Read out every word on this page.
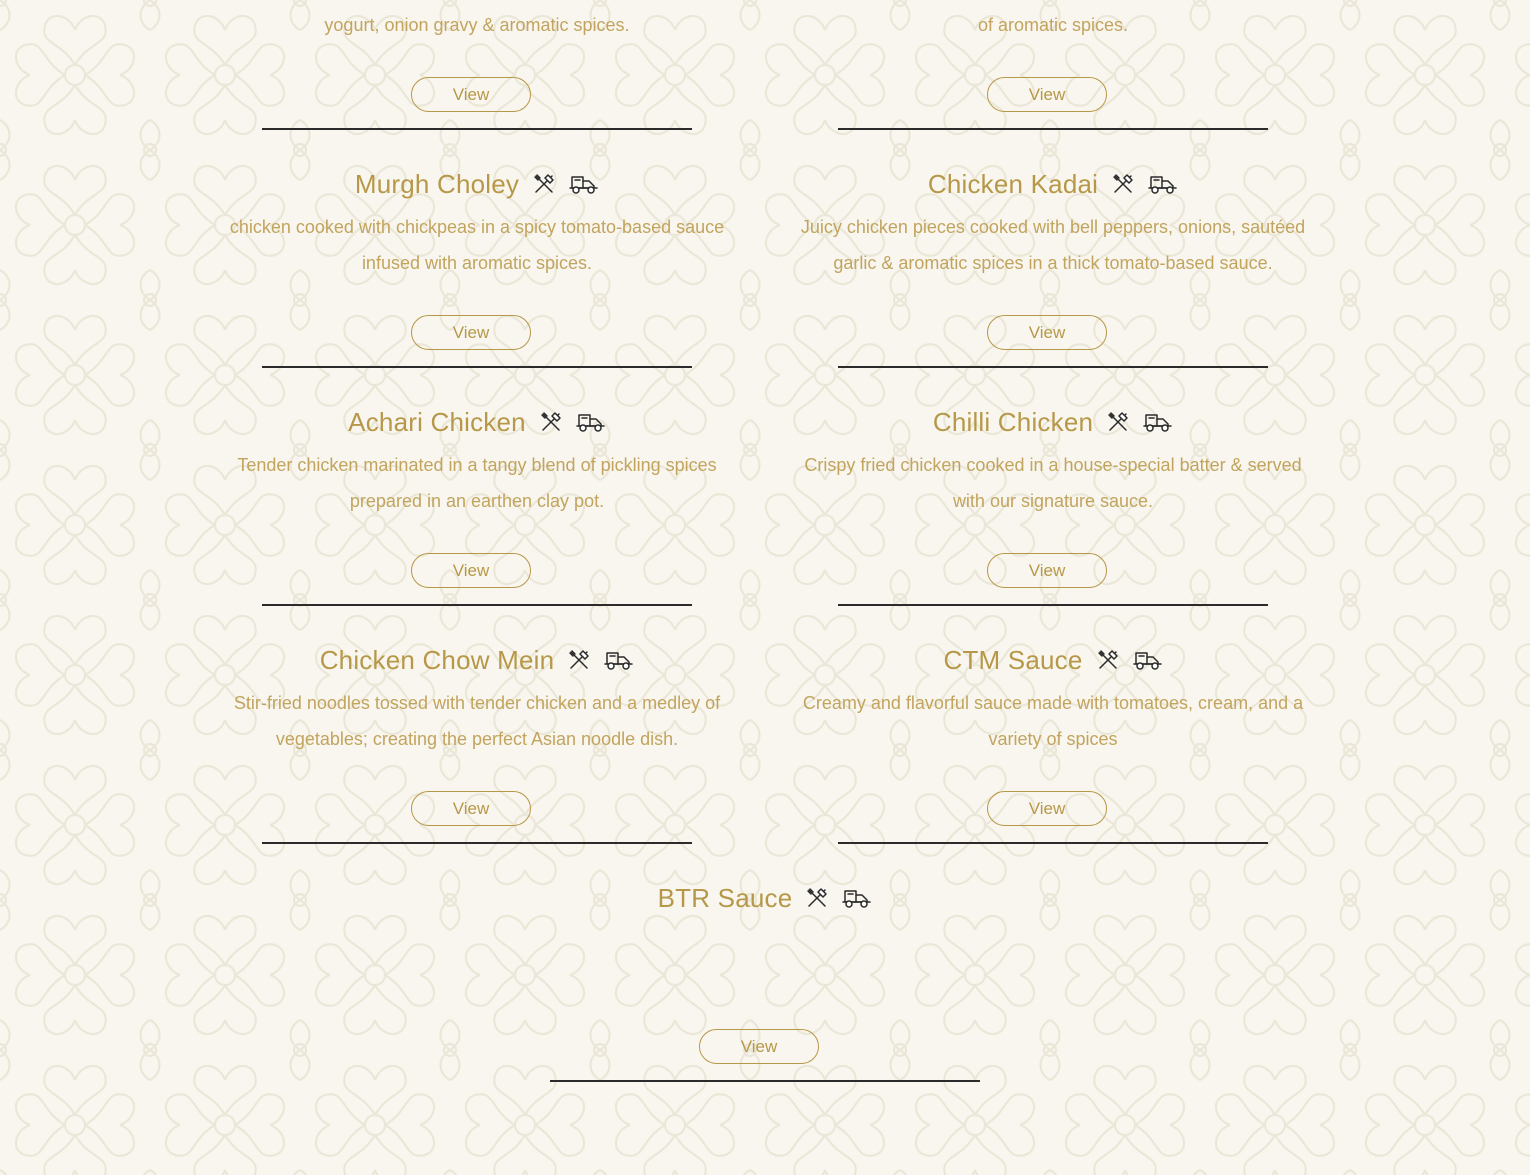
yogurt, onion gravy & aromatic spices.

View

of aromatic spices.

View
Murgh Choley

chicken cooked with chickpeas in a spicy tomato-based sauce infused with aromatic spices.

View
Chicken Kadai

Juicy chicken pieces cooked with bell peppers, onions, sautéed garlic & aromatic spices in a thick tomato-based sauce.

View
Achari Chicken

Tender chicken marinated in a tangy blend of pickling spices prepared in an earthen clay pot.

View
Chilli Chicken

Crispy fried chicken cooked in a house-special batter & served with our signature sauce.

View
Chicken Chow Mein

Stir-fried noodles tossed with tender chicken and a medley of vegetables; creating the perfect Asian noodle dish.

View
CTM Sauce

Creamy and flavorful sauce made with tomatoes, cream, and a variety of spices

View
BTR Sauce

View
